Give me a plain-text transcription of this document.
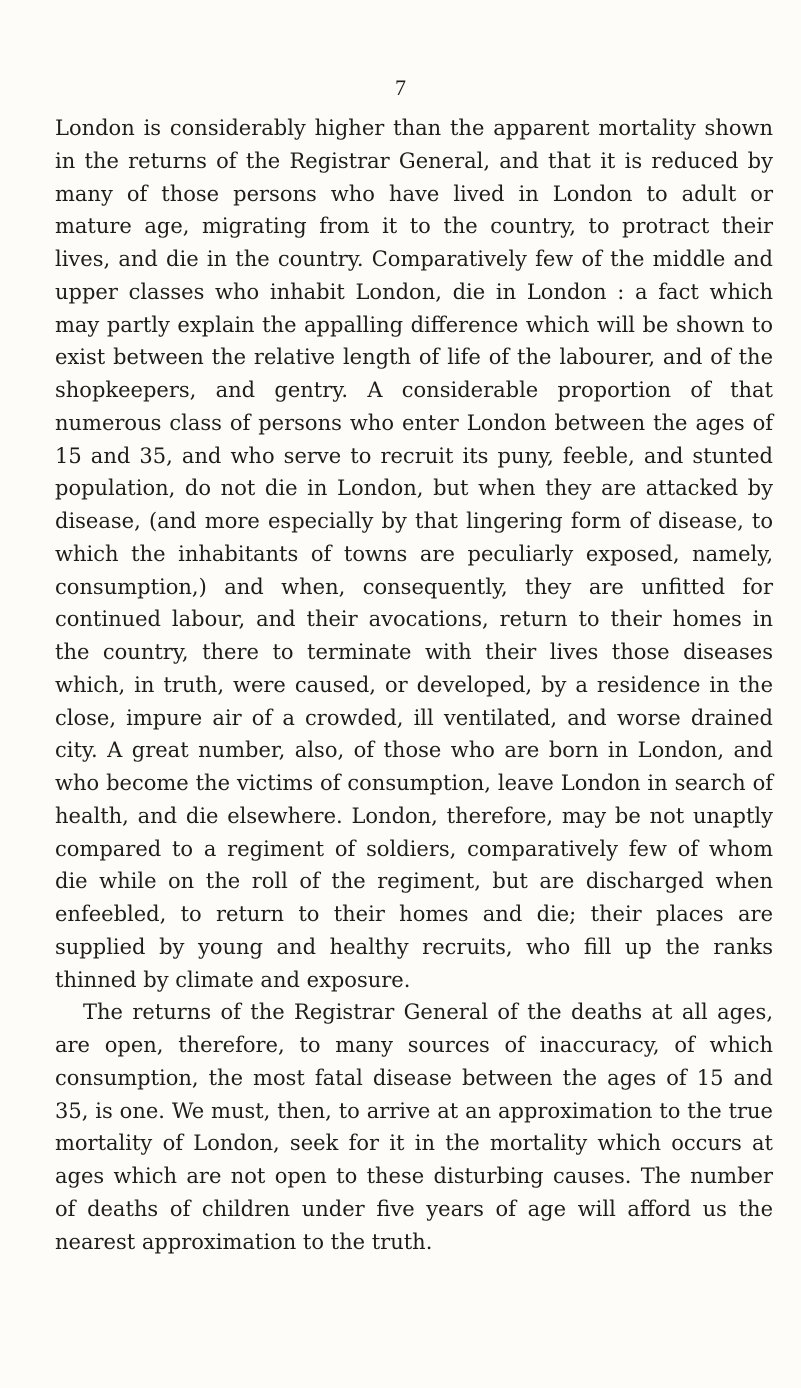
7

London is considerably higher than the apparent mortality shown in the returns of the Registrar General, and that it is reduced by many of those persons who have lived in London to adult or mature age, migrating from it to the country, to protract their lives, and die in the country. Comparatively few of the middle and upper classes who inhabit London, die in London : a fact which may partly explain the appalling difference which will be shown to exist between the relative length of life of the labourer, and of the shopkeepers, and gentry. A considerable proportion of that numerous class of persons who enter London between the ages of 15 and 35, and who serve to recruit its puny, feeble, and stunted population, do not die in London, but when they are attacked by disease, (and more especially by that lingering form of disease, to which the inhabitants of towns are peculiarly exposed, namely, consumption,) and when, consequently, they are unfitted for continued labour, and their avocations, return to their homes in the country, there to terminate with their lives those diseases which, in truth, were caused, or developed, by a residence in the close, impure air of a crowded, ill ventilated, and worse drained city. A great number, also, of those who are born in London, and who become the victims of consumption, leave London in search of health, and die elsewhere. London, therefore, may be not unaptly compared to a regiment of soldiers, comparatively few of whom die while on the roll of the regiment, but are discharged when enfeebled, to return to their homes and die; their places are supplied by young and healthy recruits, who fill up the ranks thinned by climate and exposure.

The returns of the Registrar General of the deaths at all ages, are open, therefore, to many sources of inaccuracy, of which consumption, the most fatal disease between the ages of 15 and 35, is one. We must, then, to arrive at an approximation to the true mortality of London, seek for it in the mortality which occurs at ages which are not open to these disturbing causes. The number of deaths of children under five years of age will afford us the nearest approximation to the truth.
